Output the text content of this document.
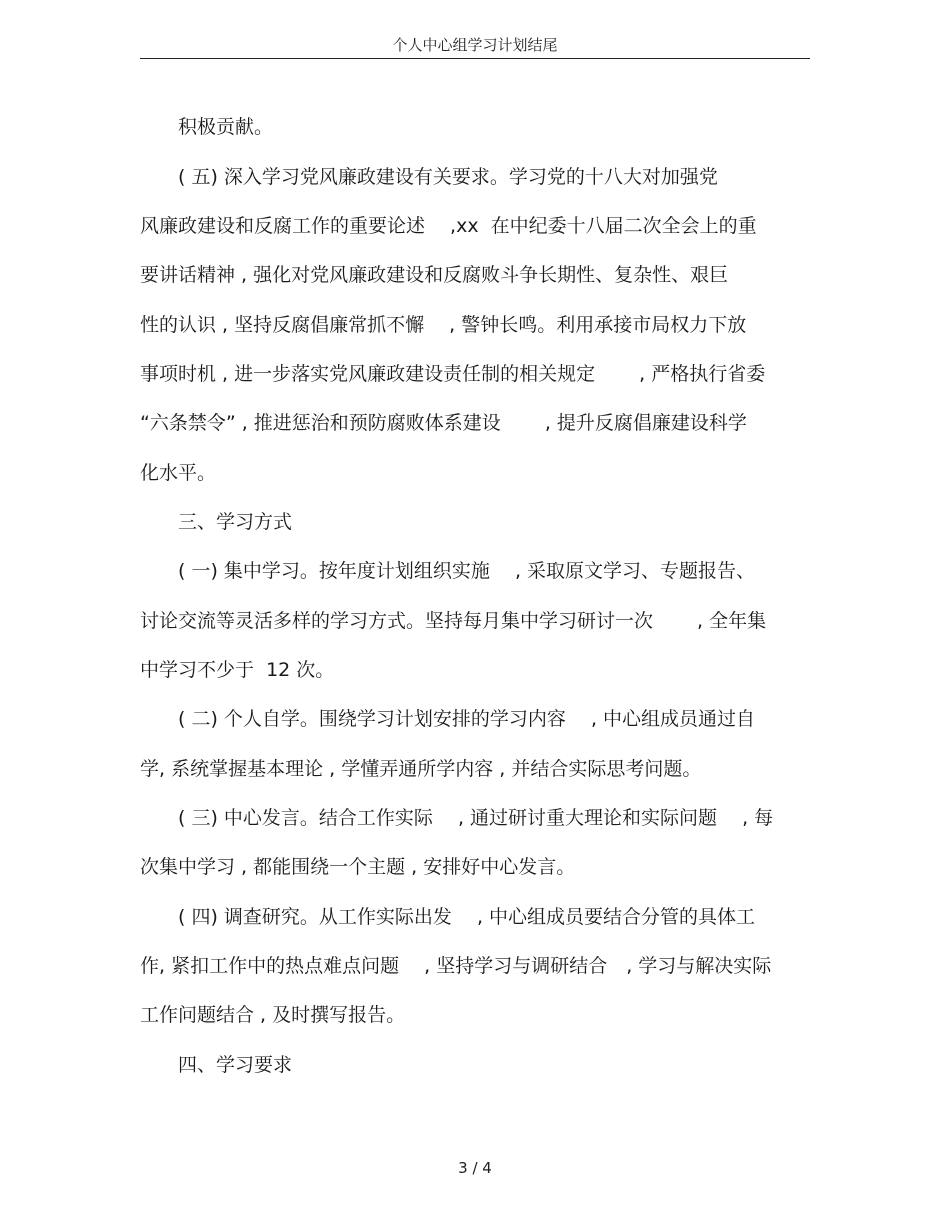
个人中心组学习计划结尾
　　积极贡献。
　　( 五) 深入学习党风廉政建设有关要求。学习党的十八大对加强党
风廉政建设和反腐工作的重要论述　 ,xx  在中纪委十八届二次全会上的重
要讲话精神 , 强化对党风廉政建设和反腐败斗争长期性、复杂性、艰巨
性的认识 , 坚持反腐倡廉常抓不懈　 , 警钟长鸣。利用承接市局权力下放
事项时机 , 进一步落实党风廉政建设责任制的相关规定　　 , 严格执行省委
“六条禁令” , 推进惩治和预防腐败体系建设　　 , 提升反腐倡廉建设科学
化水平。
　　三、学习方式
　　( 一) 集中学习。按年度计划组织实施　 , 采取原文学习、专题报告、
讨论交流等灵活多样的学习方式。坚持每月集中学习研讨一次　　 , 全年集
中学习不少于  12 次。
　　( 二) 个人自学。围绕学习计划安排的学习内容　 , 中心组成员通过自
学, 系统掌握基本理论 , 学懂弄通所学内容 , 并结合实际思考问题。
　　( 三) 中心发言。结合工作实际　 , 通过研讨重大理论和实际问题　 , 每
次集中学习 , 都能围绕一个主题 , 安排好中心发言。
　　( 四) 调查研究。从工作实际出发　 , 中心组成员要结合分管的具体工
作, 紧扣工作中的热点难点问题　 , 坚持学习与调研结合　, 学习与解决实际
工作问题结合 , 及时撰写报告。
　　四、学习要求
3 / 4
